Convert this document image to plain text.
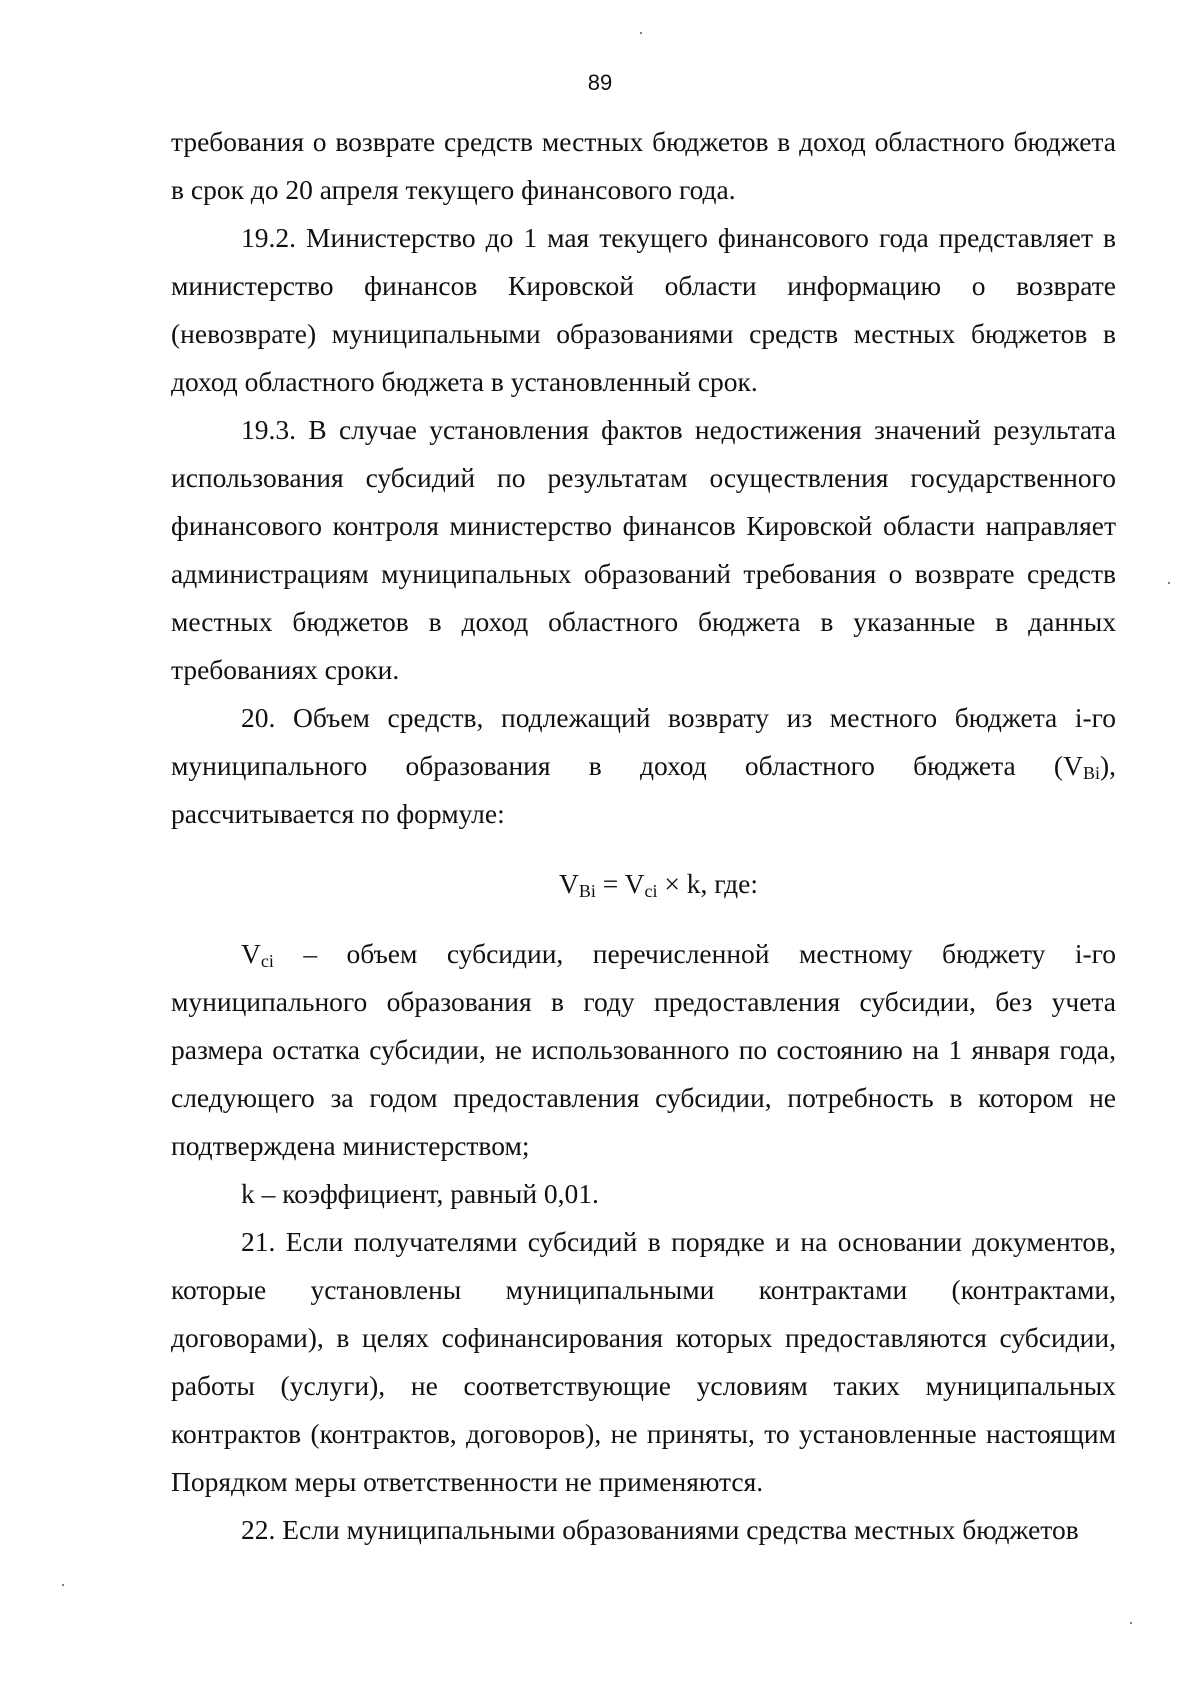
89

требования о возврате средств местных бюджетов в доход областного бюджета в срок до 20 апреля текущего финансового года.

19.2. Министерство до 1 мая текущего финансового года представляет в министерство финансов Кировской области информацию о возврате (невозврате) муниципальными образованиями средств местных бюджетов в доход областного бюджета в установленный срок.

19.3. В случае установления фактов недостижения значений результата использования субсидий по результатам осуществления государственного финансового контроля министерство финансов Кировской области направляет администрациям муниципальных образований требования о возврате средств местных бюджетов в доход областного бюджета в указанные в данных требованиях сроки.

20. Объем средств, подлежащий возврату из местного бюджета i-го муниципального образования в доход областного бюджета $(V_{Bi})$, рассчитывается по формуле:

$V_{Bi} = V_{ci} \times k$, где:

$V_{ci}$ – объем субсидии, перечисленной местному бюджету i-го муниципального образования в году предоставления субсидии, без учета размера остатка субсидии, не использованного по состоянию на 1 января года, следующего за годом предоставления субсидии, потребность в котором не подтверждена министерством;

k – коэффициент, равный 0,01.

21. Если получателями субсидий в порядке и на основании документов, которые установлены муниципальными контрактами (контрактами, договорами), в целях софинансирования которых предоставляются субсидии, работы (услуги), не соответствующие условиям таких муниципальных контрактов (контрактов, договоров), не приняты, то установленные настоящим Порядком меры ответственности не применяются.

22. Если муниципальными образованиями средства местных бюджетов
